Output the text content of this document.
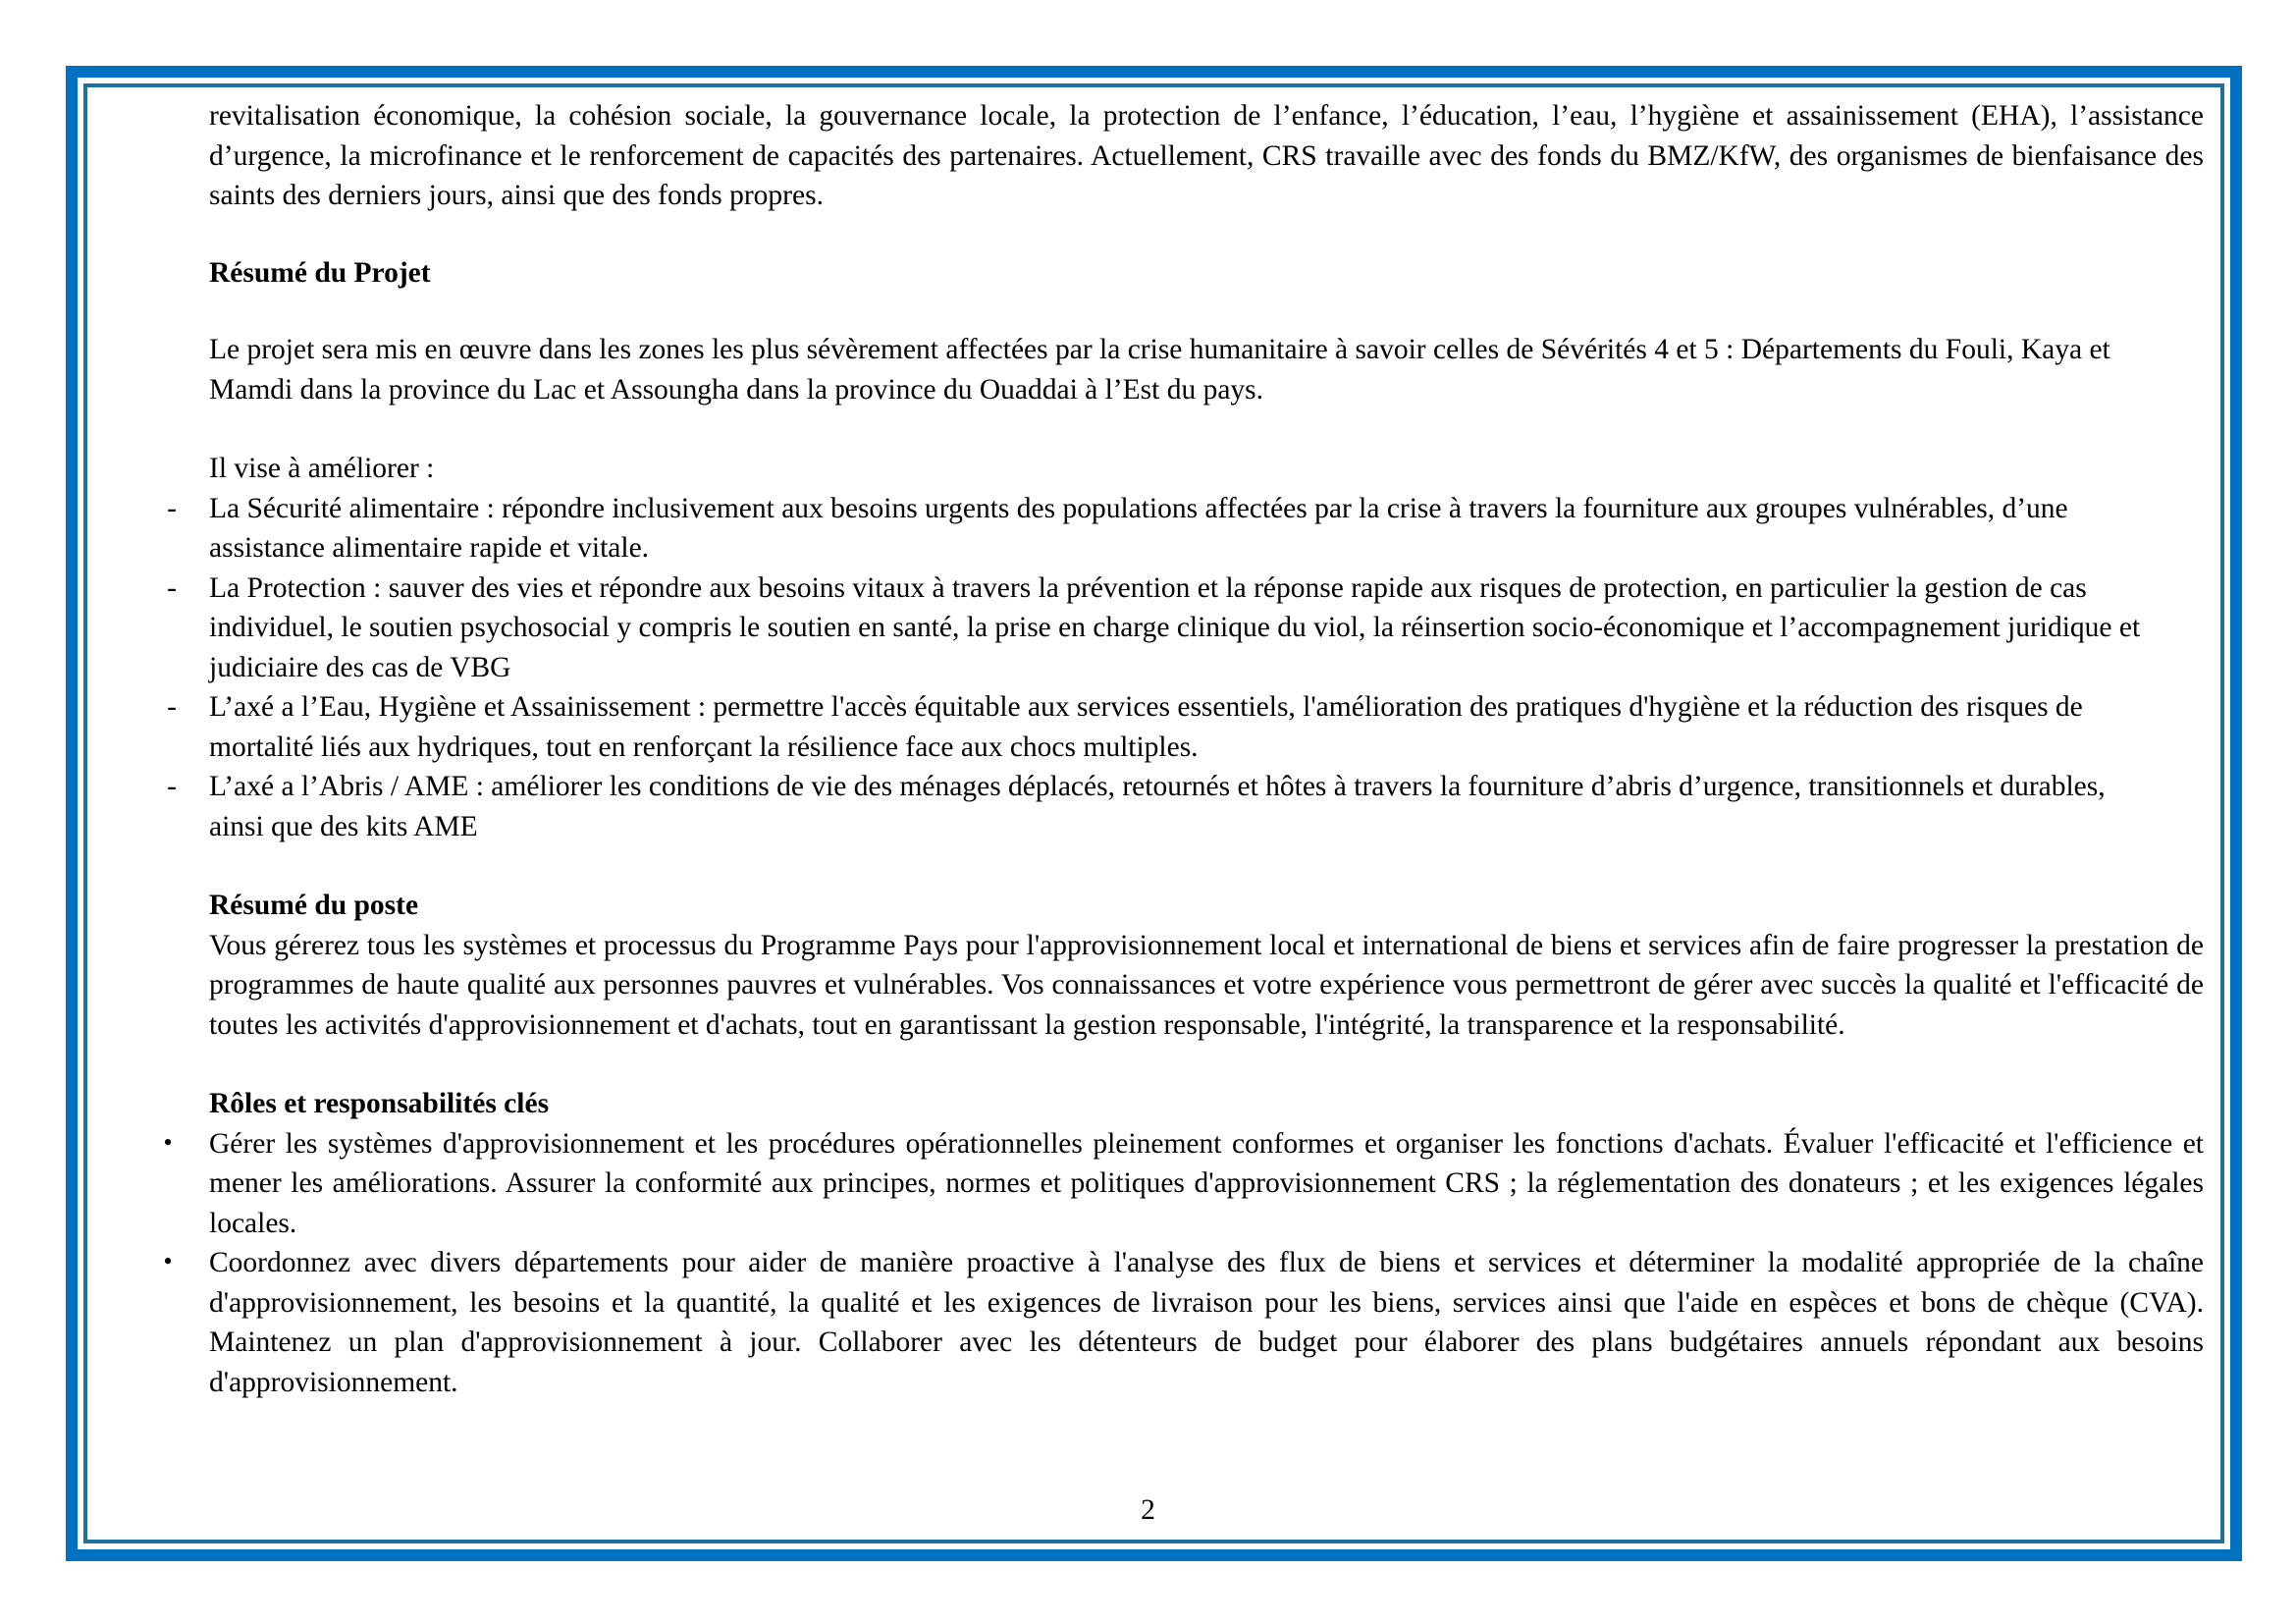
revitalisation économique, la cohésion sociale, la gouvernance locale, la protection de l’enfance, l’éducation, l’eau, l’hygiène et assainissement (EHA), l’assistance d’urgence, la microfinance et le renforcement de capacités des partenaires. Actuellement, CRS travaille avec des fonds du BMZ/KfW, des organismes de bienfaisance des saints des derniers jours, ainsi que des fonds propres.

Résumé du Projet

Le projet sera mis en œuvre dans les zones les plus sévèrement affectées par la crise humanitaire à savoir celles de Sévérités 4 et 5 : Départements du Fouli, Kaya et Mamdi dans la province du Lac et Assoungha dans la province du Ouaddai à l’Est du pays.

Il vise à améliorer :

- La Sécurité alimentaire : répondre inclusivement aux besoins urgents des populations affectées par la crise à travers la fourniture aux groupes vulnérables, d’une assistance alimentaire rapide et vitale.
- La Protection : sauver des vies et répondre aux besoins vitaux à travers la prévention et la réponse rapide aux risques de protection, en particulier la gestion de cas individuel, le soutien psychosocial y compris le soutien en santé, la prise en charge clinique du viol, la réinsertion socio-économique et l’accompagnement juridique et judiciaire des cas de VBG
- L’axé a l’Eau, Hygiène et Assainissement : permettre l'accès équitable aux services essentiels, l'amélioration des pratiques d'hygiène et la réduction des risques de mortalité liés aux hydriques, tout en renforçant la résilience face aux chocs multiples.
- L’axé a l’Abris / AME : améliorer les conditions de vie des ménages déplacés, retournés et hôtes à travers la fourniture d’abris d’urgence, transitionnels et durables, ainsi que des kits AME

Résumé du poste

Vous gérerez tous les systèmes et processus du Programme Pays pour l'approvisionnement local et international de biens et services afin de faire progresser la prestation de programmes de haute qualité aux personnes pauvres et vulnérables. Vos connaissances et votre expérience vous permettront de gérer avec succès la qualité et l'efficacité de toutes les activités d'approvisionnement et d'achats, tout en garantissant la gestion responsable, l'intégrité, la transparence et la responsabilité.

Rôles et responsabilités clés

• Gérer les systèmes d'approvisionnement et les procédures opérationnelles pleinement conformes et organiser les fonctions d'achats. Évaluer l'efficacité et l'efficience et mener les améliorations. Assurer la conformité aux principes, normes et politiques d'approvisionnement CRS ; la réglementation des donateurs ; et les exigences légales locales.
• Coordonnez avec divers départements pour aider de manière proactive à l'analyse des flux de biens et services et déterminer la modalité appropriée de la chaîne d'approvisionnement, les besoins et la quantité, la qualité et les exigences de livraison pour les biens, services ainsi que l'aide en espèces et bons de chèque (CVA). Maintenez un plan d'approvisionnement à jour. Collaborer avec les détenteurs de budget pour élaborer des plans budgétaires annuels répondant aux besoins d'approvisionnement.
2
